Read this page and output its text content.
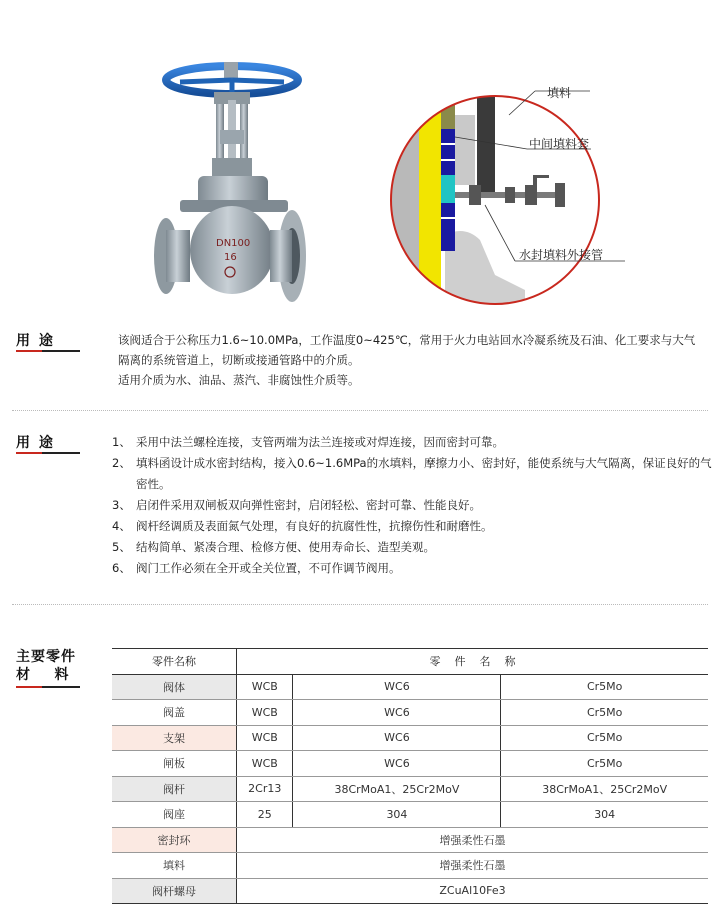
DN100
16
填料
中间填料套
水封填料外接管
用 途	该阀适合于公称压力1.6~10.0MPa，工作温度0~425℃，常用于火力电站回水冷凝系统及石油、化工要求与大气

隔离的系统管道上，切断或接通管路中的介质。

适用介质为水、油品、蒸汽、非腐蚀性介质等。

用 途	1、 采用中法兰螺栓连接，支管两端为法兰连接或对焊连接，因而密封可靠。
2、 填料函设计成水密封结构，接入0.6~1.6MPa的水填料，摩擦力小、密封好，能使系统与大气隔离，保证良好的气密性。
3、 启闭件采用双闸板双向弹性密封，启闭轻松、密封可靠、性能良好。
4、 阀杆经调质及表面氮气处理，有良好的抗腐性性，抗擦伤性和耐磨性。
5、 结构简单、紧凑合理、检修方便、使用寿命长、造型美观。
6、 阀门工作必须在全开或全关位置，不可作调节阀用。
主要零件
材    料
零件名称	零    件    名    称		
阀体	WCB	WC6	Cr5Mo
阀盖	WCB	WC6	Cr5Mo
支架	WCB	WC6	Cr5Mo
闸板	WCB	WC6	Cr5Mo
阀杆	2Cr13	38CrMoA1、25Cr2MoV	38CrMoA1、25Cr2MoV
阀座	25	304	304
密封环	增强柔性石墨		
填料	增强柔性石墨		
阀杆螺母	ZCuAl10Fe3		
